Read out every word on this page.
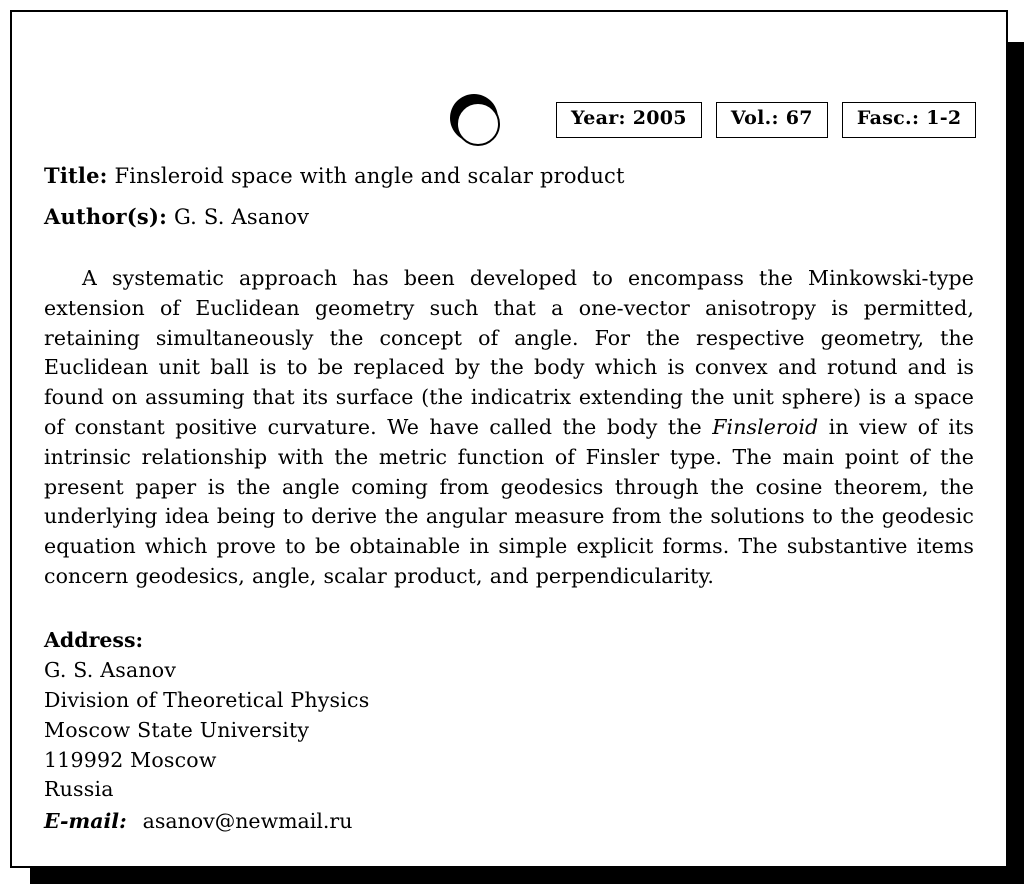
Year: 2005	Vol.: 67	Fasc.: 1-2
Title: Finsleroid space with angle and scalar product
Author(s): G. S. Asanov
A systematic approach has been developed to encompass the Minkowski-type extension of Euclidean geometry such that a one-vector anisotropy is permitted, retaining simultaneously the concept of angle. For the respective geometry, the Euclidean unit ball is to be replaced by the body which is convex and rotund and is found on assuming that its surface (the indicatrix extending the unit sphere) is a space of constant positive curvature. We have called the body the Finsleroid in view of its intrinsic relationship with the metric function of Finsler type. The main point of the present paper is the angle coming from geodesics through the cosine theorem, the underlying idea being to derive the angular measure from the solutions to the geodesic equation which prove to be obtainable in simple explicit forms. The substantive items concern geodesics, angle, scalar product, and perpendicularity.
Address:
G. S. Asanov
Division of Theoretical Physics
Moscow State University
119992 Moscow
Russia
E-mail: asanov@newmail.ru
